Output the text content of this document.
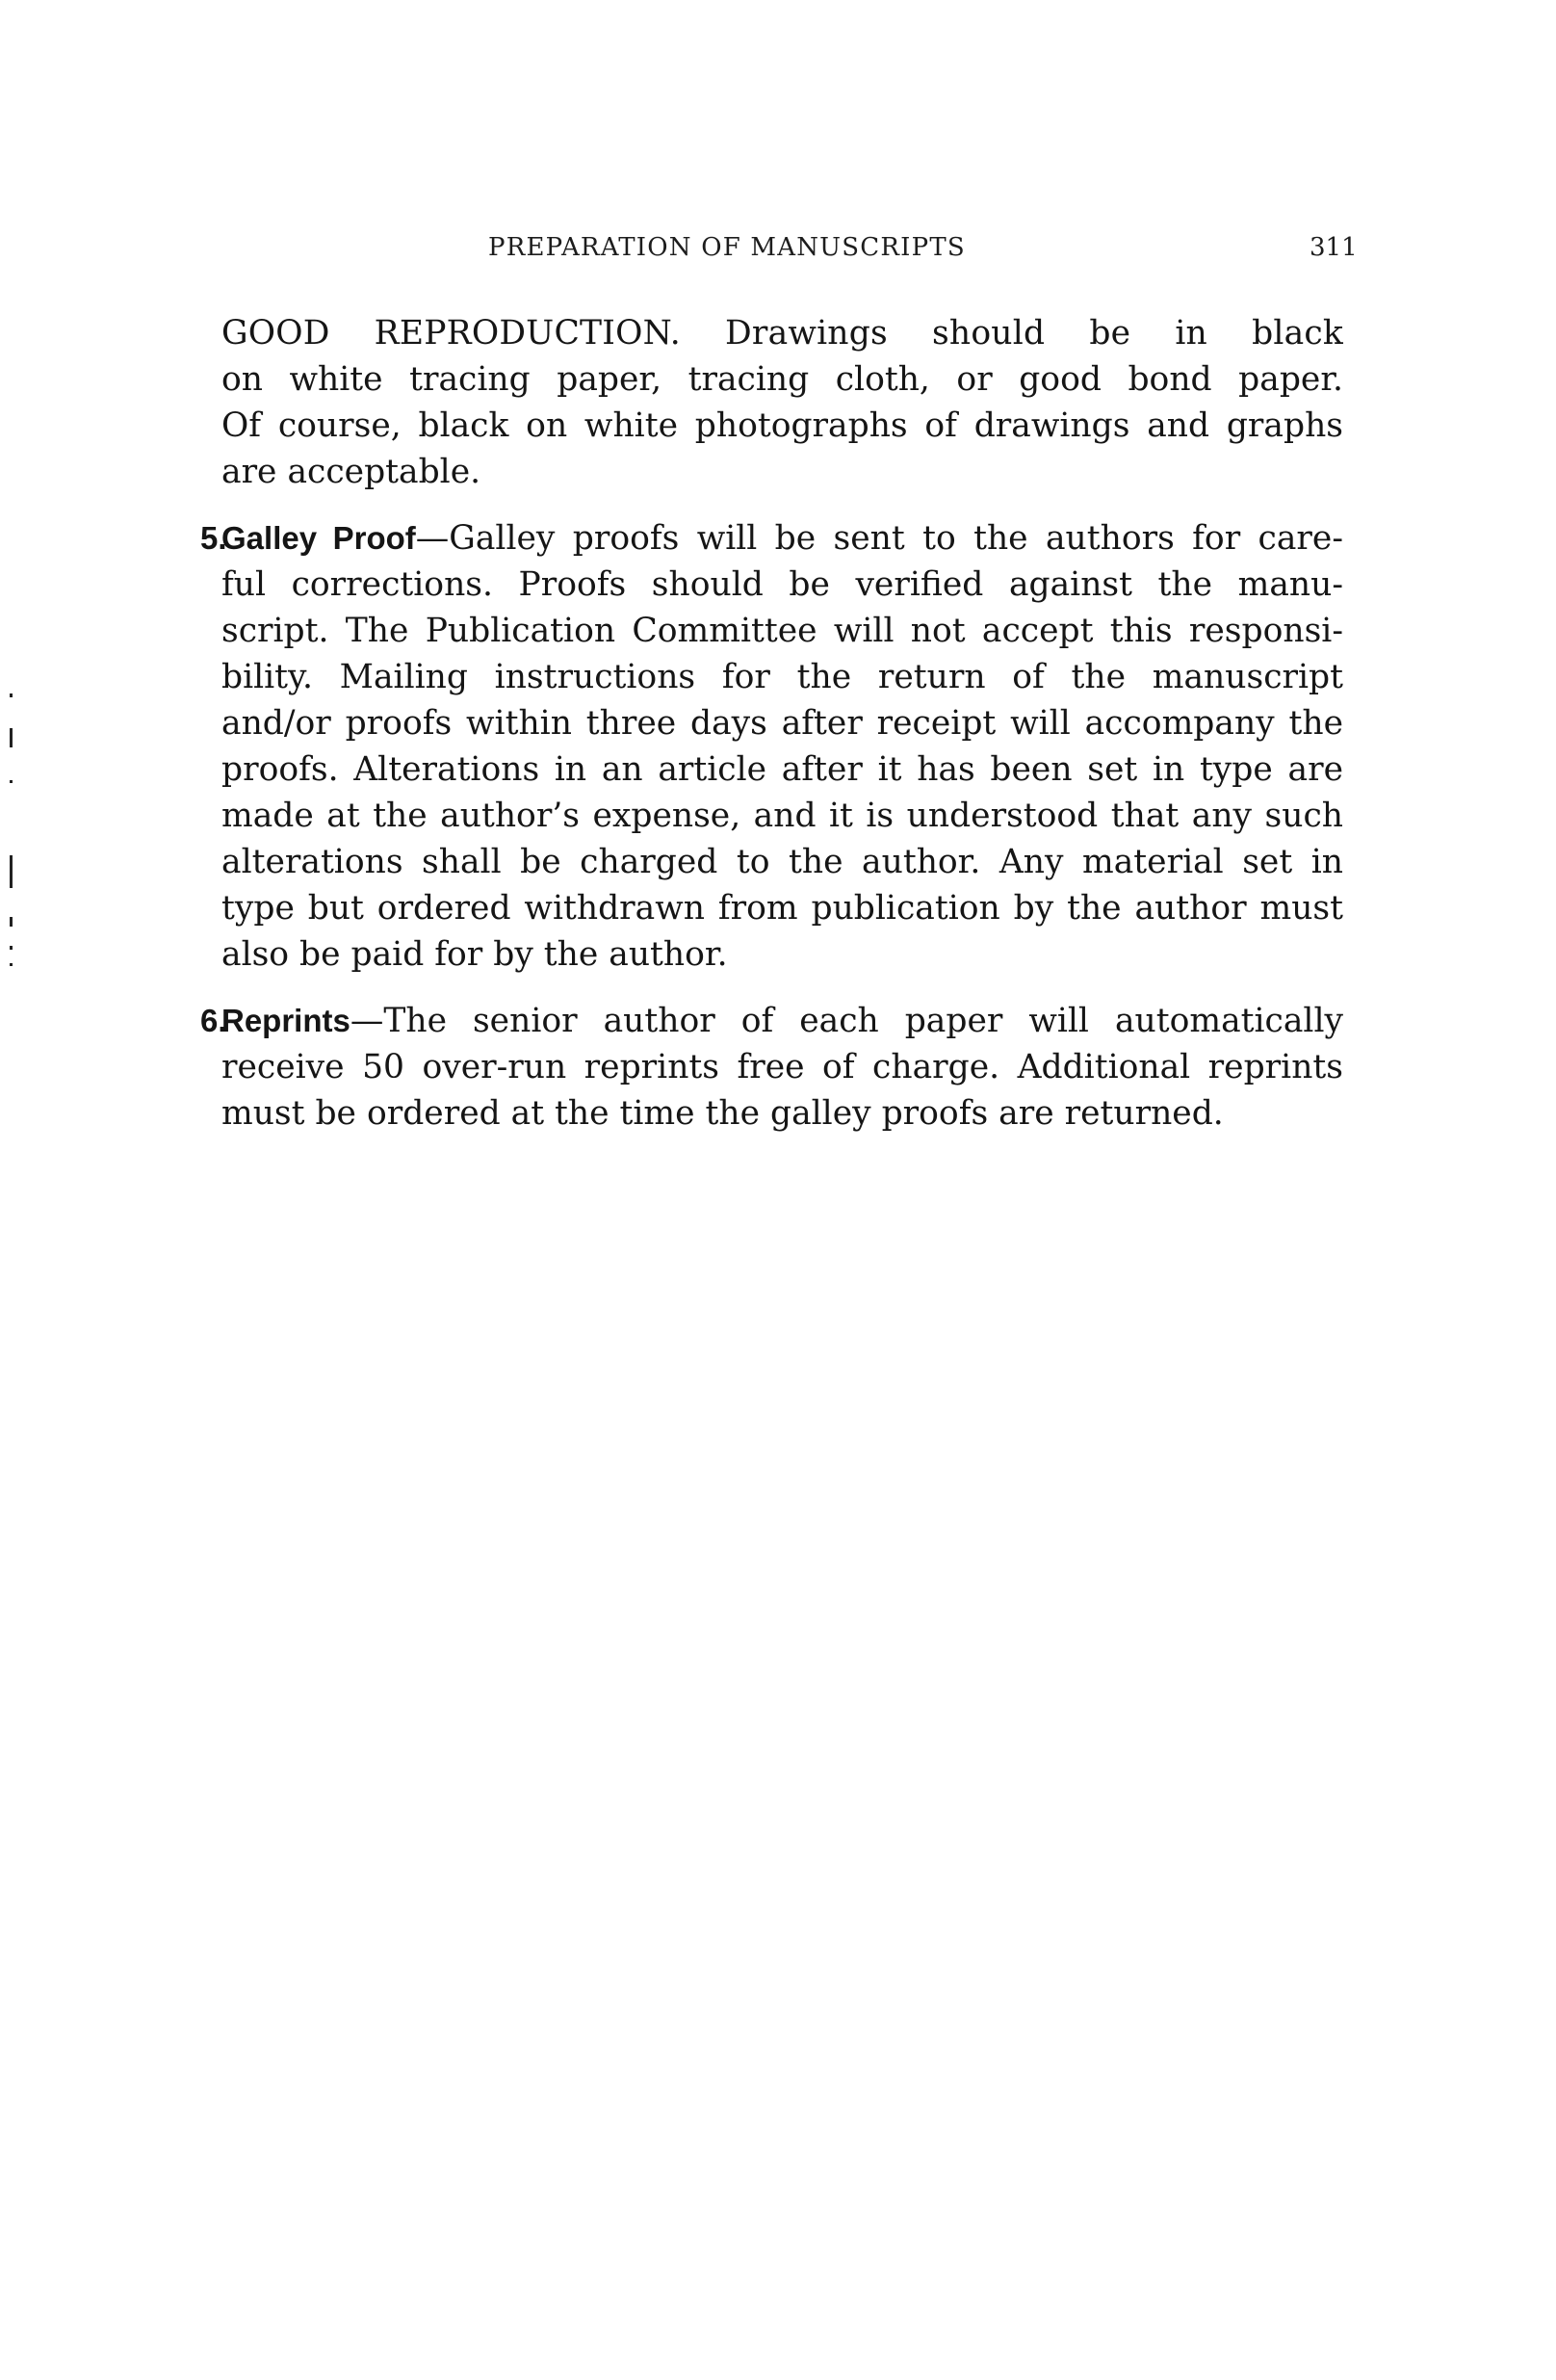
PREPARATION OF MANUSCRIPTS	311
GOOD REPRODUCTION. Drawings should be in black
on white tracing paper, tracing cloth, or good bond paper.
Of course, black on white photographs of drawings and graphs
are acceptable.
5.
Galley Proof—Galley proofs will be sent to the authors for care-
ful corrections. Proofs should be verified against the manu-
script. The Publication Committee will not accept this responsi-
bility. Mailing instructions for the return of the manuscript
and/or proofs within three days after receipt will accompany the
proofs. Alterations in an article after it has been set in type are
made at the author’s expense, and it is understood that any such
alterations shall be charged to the author. Any material set in
type but ordered withdrawn from publication by the author must
also be paid for by the author.
6.
Reprints—The senior author of each paper will automatically
receive 50 over-run reprints free of charge. Additional reprints
must be ordered at the time the galley proofs are returned.
